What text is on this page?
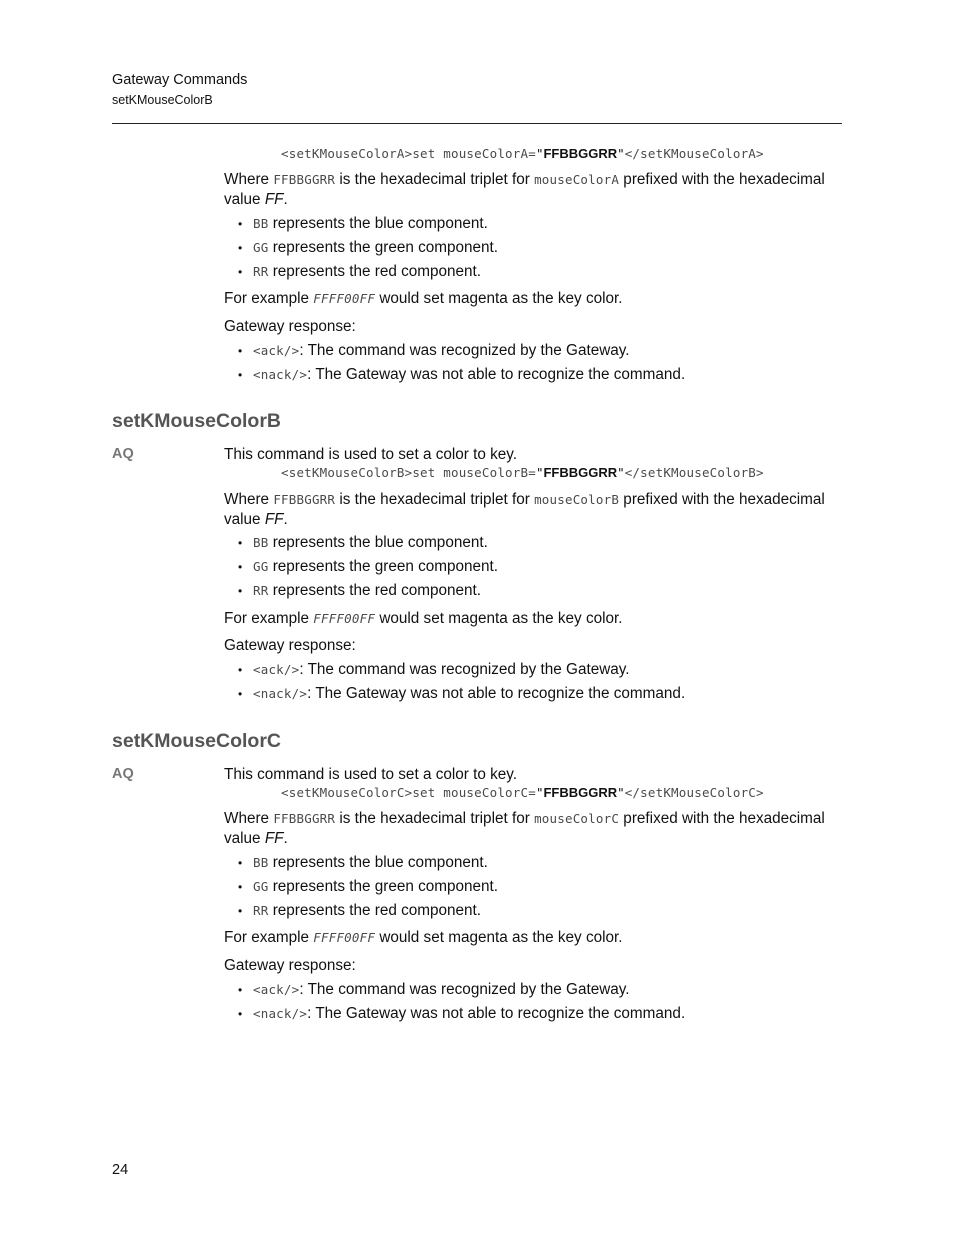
Gateway Commands
setKMouseColorB
<setKMouseColorA>set mouseColorA="FFBBGGRR"</setKMouseColorA>
Where FFBBGGRR is the hexadecimal triplet for mouseColorA prefixed with the hexadecimal value FF.
• BB represents the blue component.
• GG represents the green component.
• RR represents the red component.
For example FFFF00FF would set magenta as the key color.
Gateway response:
• <ack/>: The command was recognized by the Gateway.
• <nack/>: The Gateway was not able to recognize the command.
setKMouseColorB
AQ	This command is used to set a color to key.
<setKMouseColorB>set mouseColorB="FFBBGGRR"</setKMouseColorB>
Where FFBBGGRR is the hexadecimal triplet for mouseColorB prefixed with the hexadecimal value FF.
• BB represents the blue component.
• GG represents the green component.
• RR represents the red component.
For example FFFF00FF would set magenta as the key color.
Gateway response:
• <ack/>: The command was recognized by the Gateway.
• <nack/>: The Gateway was not able to recognize the command.
setKMouseColorC
AQ	This command is used to set a color to key.
<setKMouseColorC>set mouseColorC="FFBBGGRR"</setKMouseColorC>
Where FFBBGGRR is the hexadecimal triplet for mouseColorC prefixed with the hexadecimal value FF.
• BB represents the blue component.
• GG represents the green component.
• RR represents the red component.
For example FFFF00FF would set magenta as the key color.
Gateway response:
• <ack/>: The command was recognized by the Gateway.
• <nack/>: The Gateway was not able to recognize the command.
24
